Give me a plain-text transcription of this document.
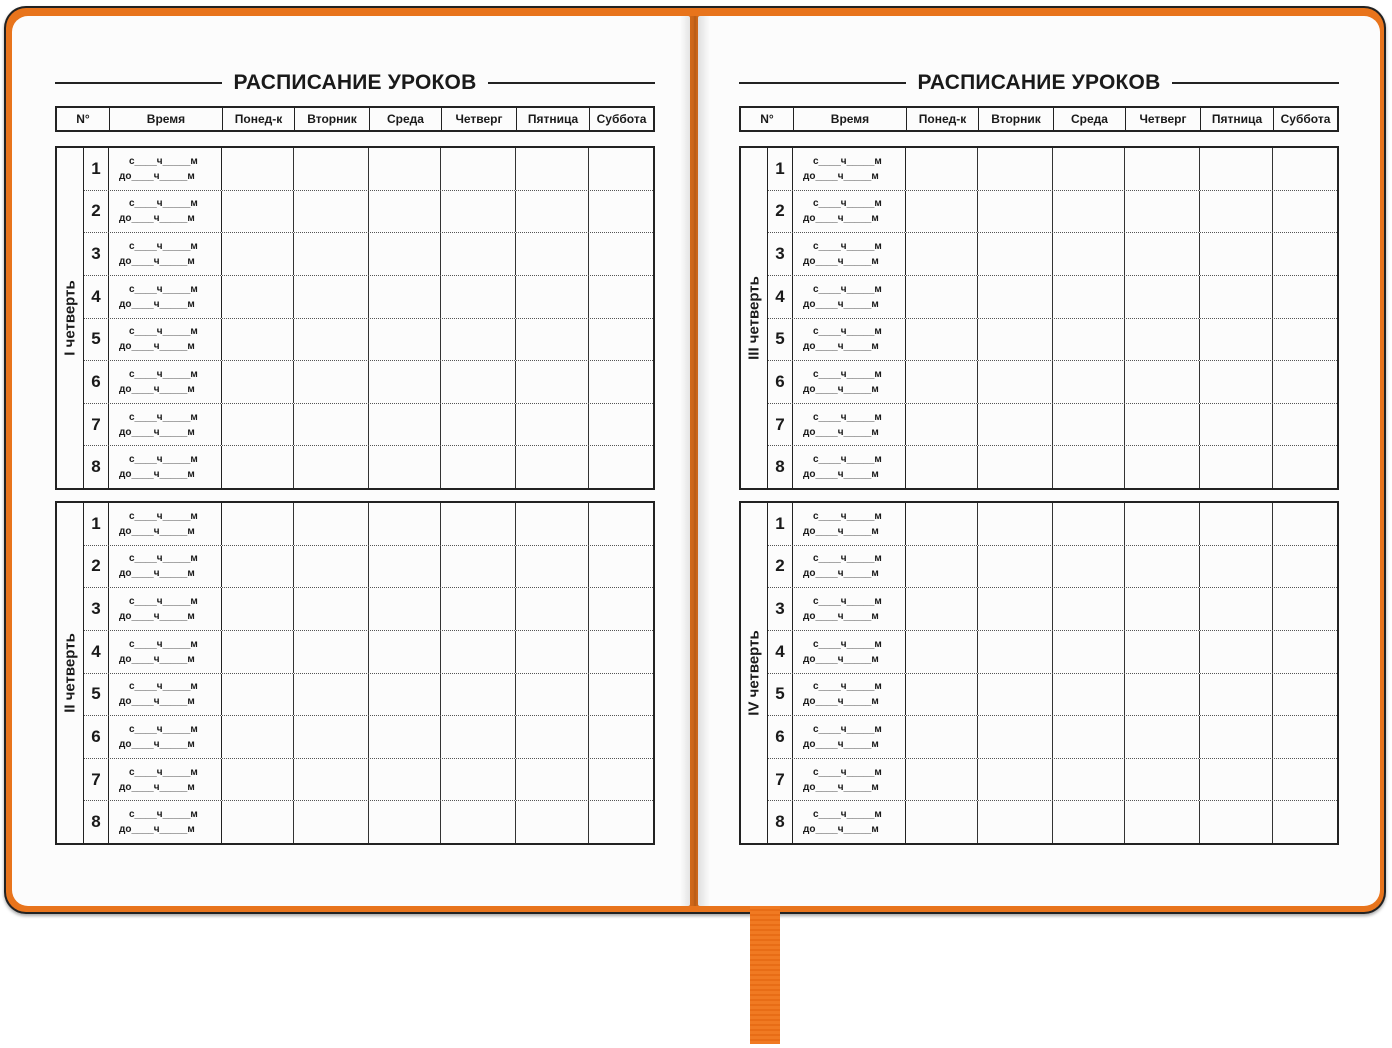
РАСПИСАНИЕ УРОКОВ
N°	Время	Понед-к	Вторник	Среда	Четверг	Пятница	Суббота
I четверть
1	с____ч_____м
до____ч_____м
2	с____ч_____м
до____ч_____м
3	с____ч_____м
до____ч_____м
4	с____ч_____м
до____ч_____м
5	с____ч_____м
до____ч_____м
6	с____ч_____м
до____ч_____м
7	с____ч_____м
до____ч_____м
8	с____ч_____м
до____ч_____м
II четверть
1	с____ч_____м
до____ч_____м
2	с____ч_____м
до____ч_____м
3	с____ч_____м
до____ч_____м
4	с____ч_____м
до____ч_____м
5	с____ч_____м
до____ч_____м
6	с____ч_____м
до____ч_____м
7	с____ч_____м
до____ч_____м
8	с____ч_____м
до____ч_____м
РАСПИСАНИЕ УРОКОВ
N°	Время	Понед-к	Вторник	Среда	Четверг	Пятница	Суббота
III четверть
1	с____ч_____м
до____ч_____м
2	с____ч_____м
до____ч_____м
3	с____ч_____м
до____ч_____м
4	с____ч_____м
до____ч_____м
5	с____ч_____м
до____ч_____м
6	с____ч_____м
до____ч_____м
7	с____ч_____м
до____ч_____м
8	с____ч_____м
до____ч_____м
IV четверть
1	с____ч_____м
до____ч_____м
2	с____ч_____м
до____ч_____м
3	с____ч_____м
до____ч_____м
4	с____ч_____м
до____ч_____м
5	с____ч_____м
до____ч_____м
6	с____ч_____м
до____ч_____м
7	с____ч_____м
до____ч_____м
8	с____ч_____м
до____ч_____м
